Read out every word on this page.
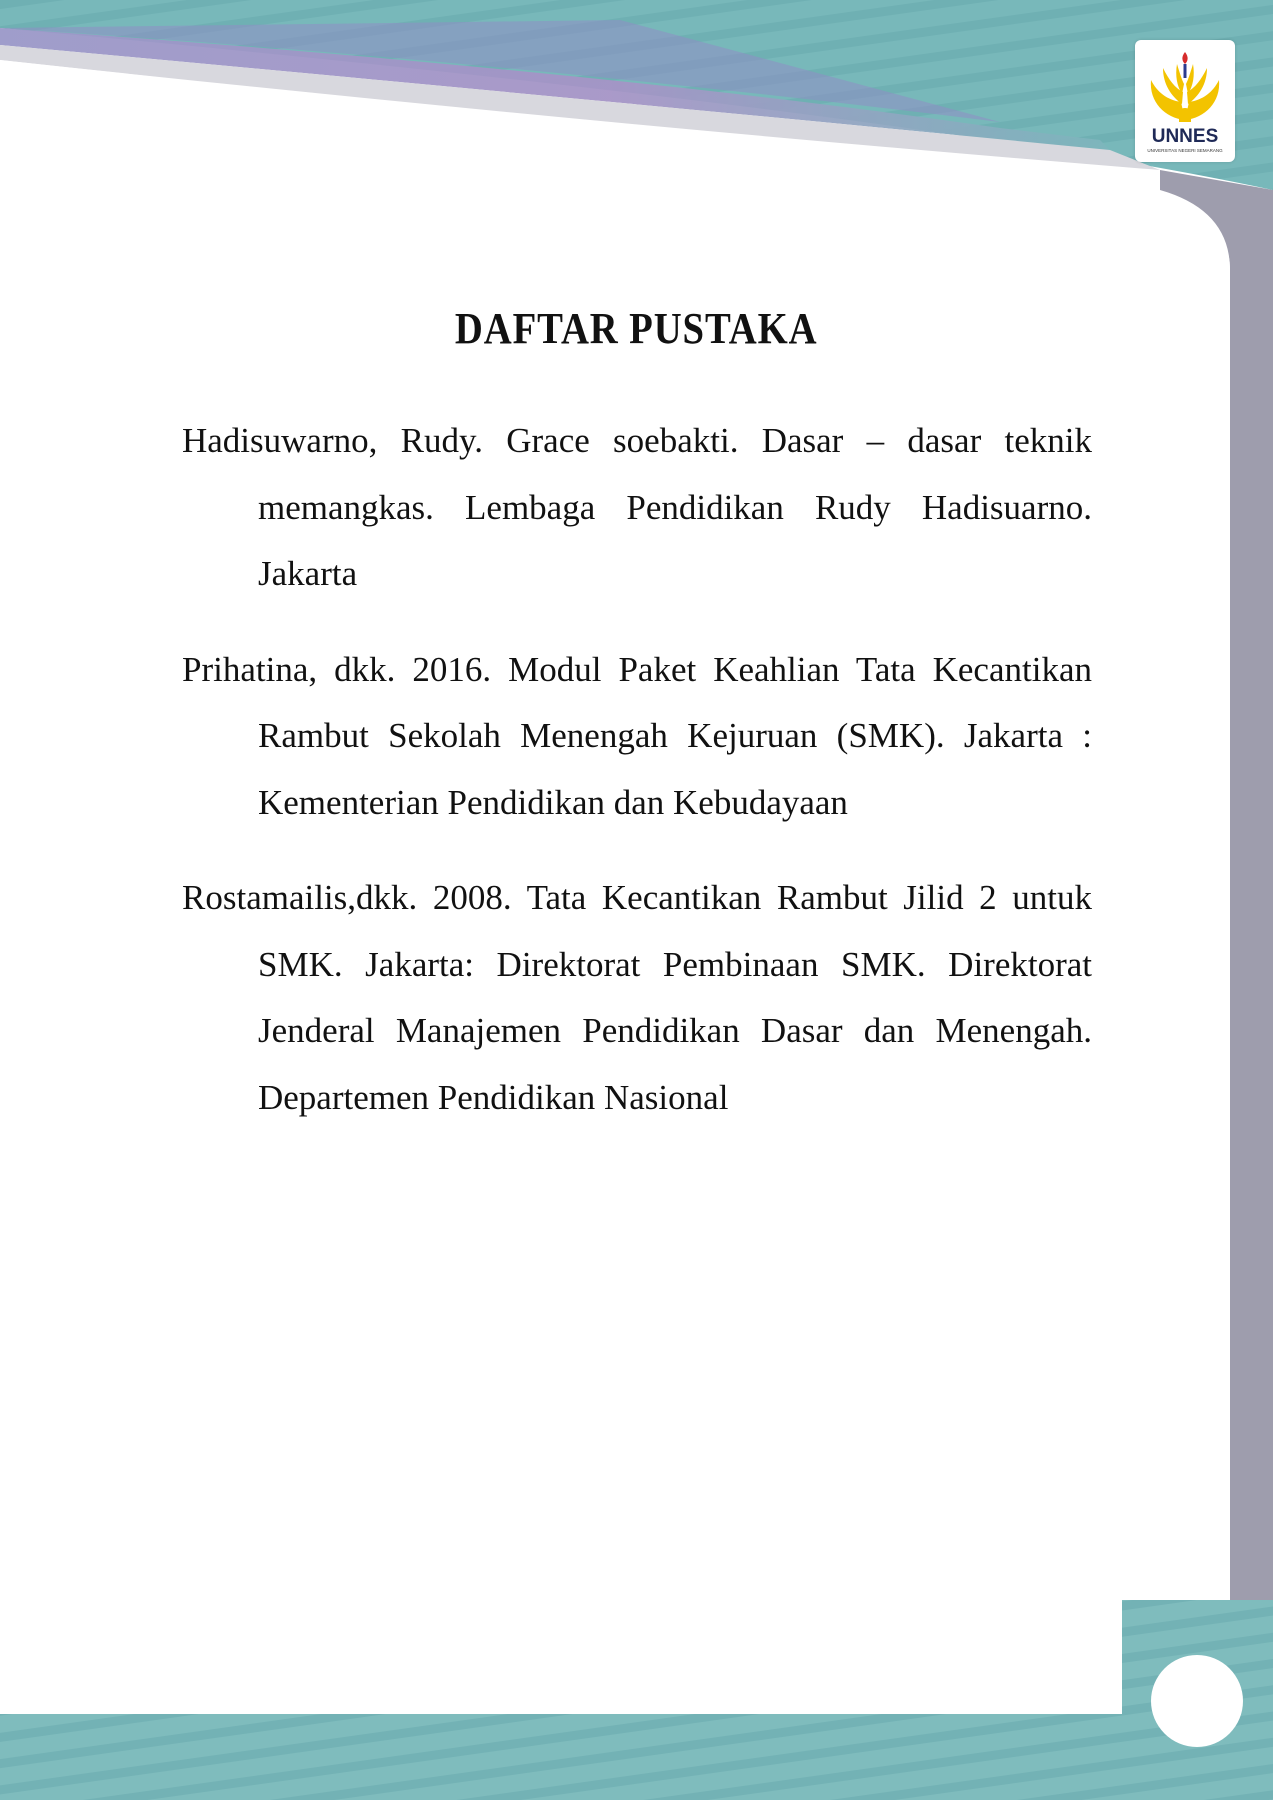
UNNES
UNIVERSITAS NEGERI SEMARANG
DAFTAR PUSTAKA

Hadisuwarno, Rudy. Grace soebakti. Dasar – dasar teknik memangkas. Lembaga Pendidikan Rudy Hadisuarno. Jakarta

Prihatina, dkk. 2016. Modul Paket Keahlian Tata Kecantikan Rambut Sekolah Menengah Kejuruan (SMK). Jakarta : Kementerian Pendidikan dan Kebudayaan

Rostamailis,dkk. 2008. Tata Kecantikan Rambut Jilid 2 untuk SMK. Jakarta: Direktorat Pembinaan SMK. Direktorat Jenderal Manajemen Pendidikan Dasar dan Menengah. Departemen Pendidikan Nasional
